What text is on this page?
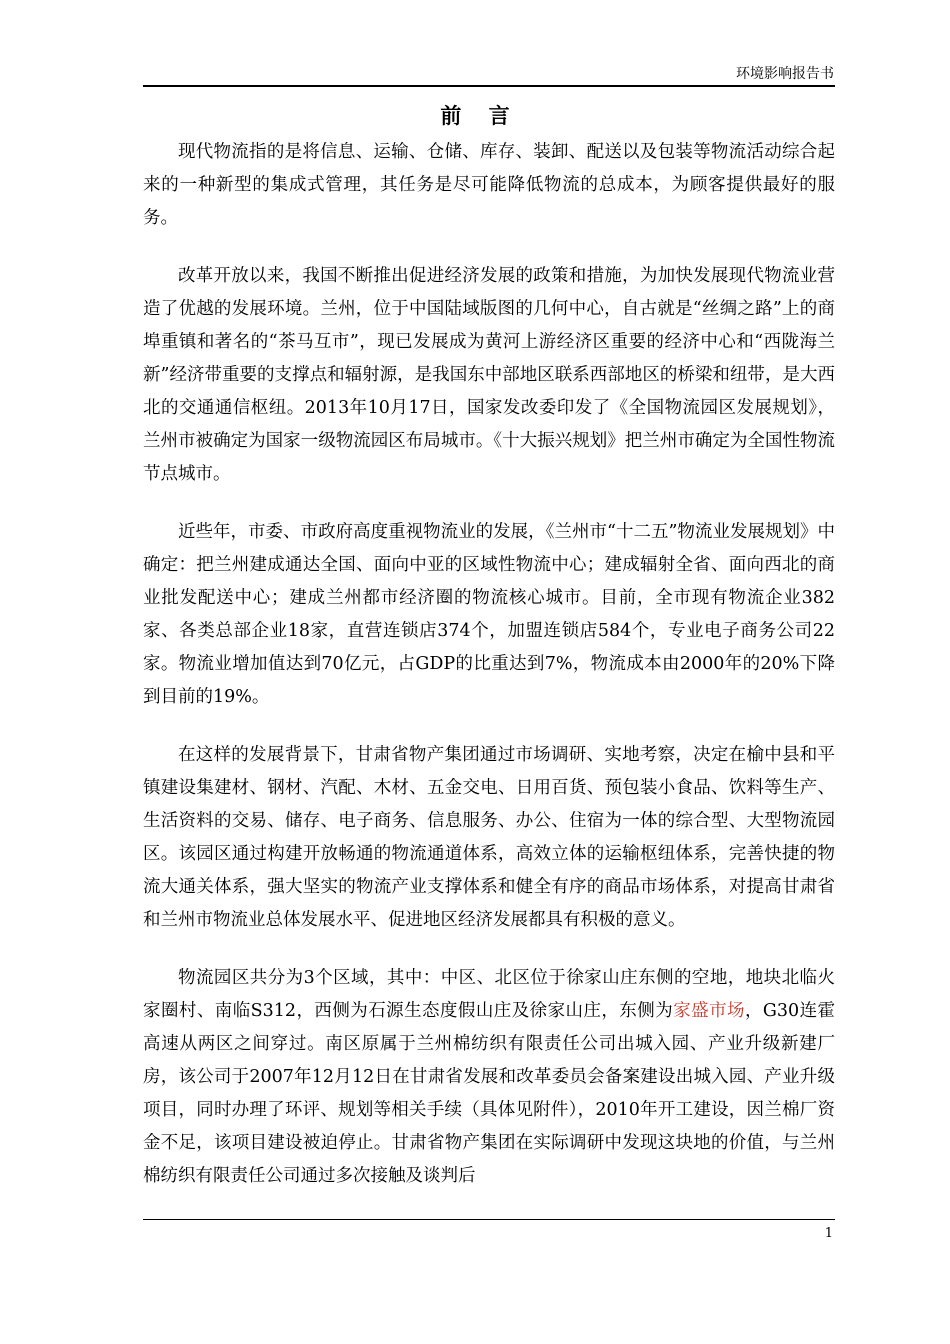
环境影响报告书
前言

现代物流指的是将信息、运输、仓储、库存、装卸、配送以及包装等物流活动综合起来的一种新型的集成式管理，其任务是尽可能降低物流的总成本，为顾客提供最好的服务。

改革开放以来，我国不断推出促进经济发展的政策和措施，为加快发展现代物流业营造了优越的发展环境。兰州，位于中国陆域版图的几何中心，自古就是“丝绸之路”上的商埠重镇和著名的“茶马互市”，现已发展成为黄河上游经济区重要的经济中心和“西陇海兰新”经济带重要的支撑点和辐射源，是我国东中部地区联系西部地区的桥梁和纽带，是大西北的交通通信枢纽。2013年10月17日，国家发改委印发了《全国物流园区发展规划》，兰州市被确定为国家一级物流园区布局城市。《十大振兴规划》把兰州市确定为全国性物流节点城市。

近些年，市委、市政府高度重视物流业的发展，《兰州市“十二五”物流业发展规划》中确定：把兰州建成通达全国、面向中亚的区域性物流中心；建成辐射全省、面向西北的商业批发配送中心；建成兰州都市经济圈的物流核心城市。目前，全市现有物流企业382家、各类总部企业18家，直营连锁店374个，加盟连锁店584个，专业电子商务公司22家。物流业增加值达到70亿元，占GDP的比重达到7%，物流成本由2000年的20%下降到目前的19%。

在这样的发展背景下，甘肃省物产集团通过市场调研、实地考察，决定在榆中县和平镇建设集建材、钢材、汽配、木材、五金交电、日用百货、预包装小食品、饮料等生产、生活资料的交易、储存、电子商务、信息服务、办公、住宿为一体的综合型、大型物流园区。该园区通过构建开放畅通的物流通道体系，高效立体的运输枢纽体系，完善快捷的物流大通关体系，强大坚实的物流产业支撑体系和健全有序的商品市场体系，对提高甘肃省和兰州市物流业总体发展水平、促进地区经济发展都具有积极的意义。

物流园区共分为3个区域，其中：中区、北区位于徐家山庄东侧的空地，地块北临火家圈村、南临S312，西侧为石源生态度假山庄及徐家山庄，东侧为家盛市场，G30连霍高速从两区之间穿过。南区原属于兰州棉纺织有限责任公司出城入园、产业升级新建厂房，该公司于2007年12月12日在甘肃省发展和改革委员会备案建设出城入园、产业升级项目，同时办理了环评、规划等相关手续（具体见附件），2010年开工建设，因兰棉厂资金不足，该项目建设被迫停止。甘肃省物产集团在实际调研中发现这块地的价值，与兰州棉纺织有限责任公司通过多次接触及谈判后

1
